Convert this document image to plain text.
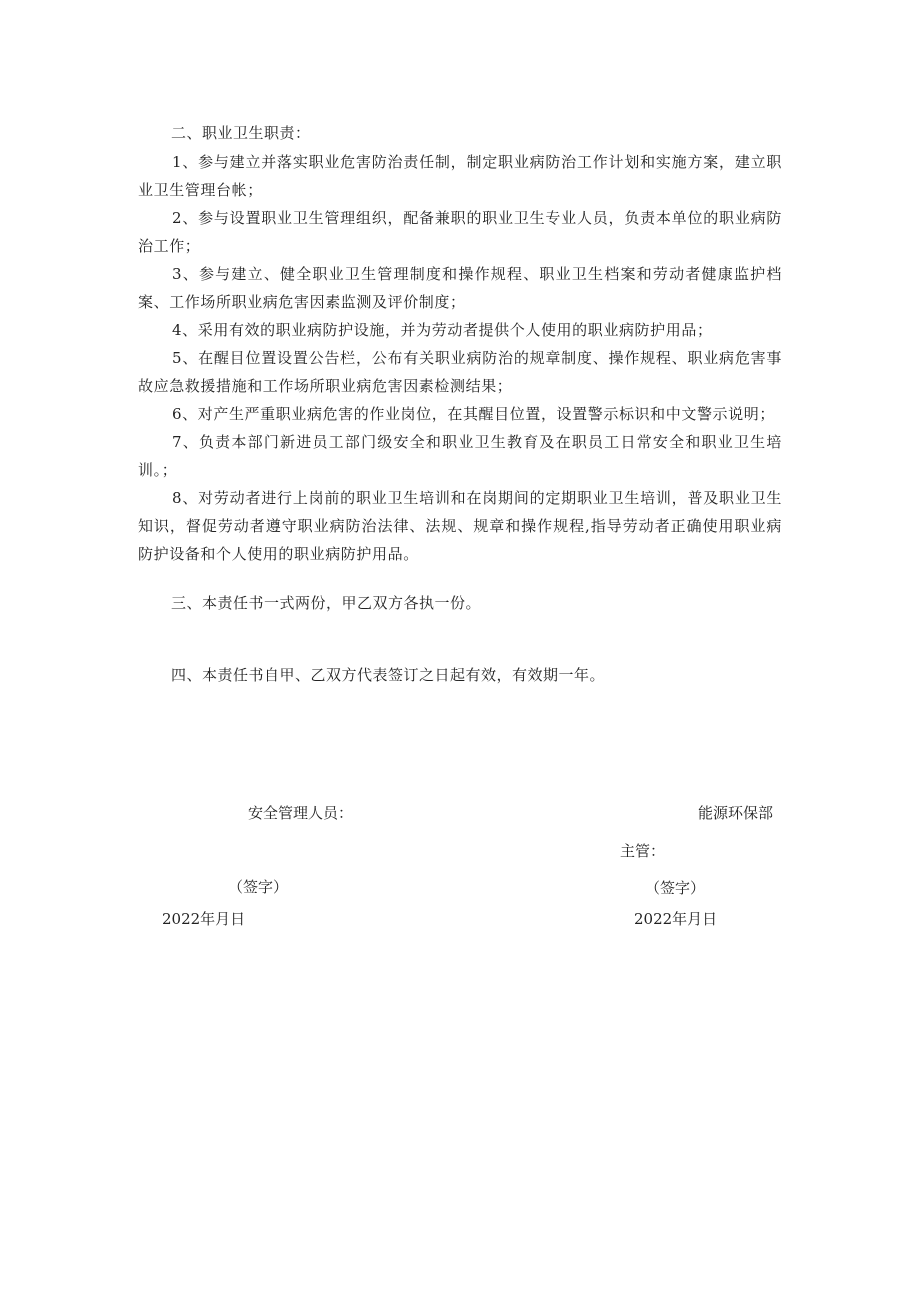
二、职业卫生职责：
1、参与建立并落实职业危害防治责任制，制定职业病防治工作计划和实施方案，建立职业卫生管理台帐；
2、参与设置职业卫生管理组织，配备兼职的职业卫生专业人员，负责本单位的职业病防治工作；
3、参与建立、健全职业卫生管理制度和操作规程、职业卫生档案和劳动者健康监护档案、工作场所职业病危害因素监测及评价制度；
4、采用有效的职业病防护设施，并为劳动者提供个人使用的职业病防护用品；
5、在醒目位置设置公告栏，公布有关职业病防治的规章制度、操作规程、职业病危害事故应急救援措施和工作场所职业病危害因素检测结果；
6、对产生严重职业病危害的作业岗位，在其醒目位置，设置警示标识和中文警示说明；
7、负责本部门新进员工部门级安全和职业卫生教育及在职员工日常安全和职业卫生培训。；
8、对劳动者进行上岗前的职业卫生培训和在岗期间的定期职业卫生培训，普及职业卫生知识，督促劳动者遵守职业病防治法律、法规、规章和操作规程,指导劳动者正确使用职业病防护设备和个人使用的职业病防护用品。
三、本责任书一式两份，甲乙双方各执一份。
四、本责任书自甲、乙双方代表签订之日起有效，有效期一年。
安全管理人员：
（签字）
2022年月日
能源环保部
主管：
（签字）
2022年月日
